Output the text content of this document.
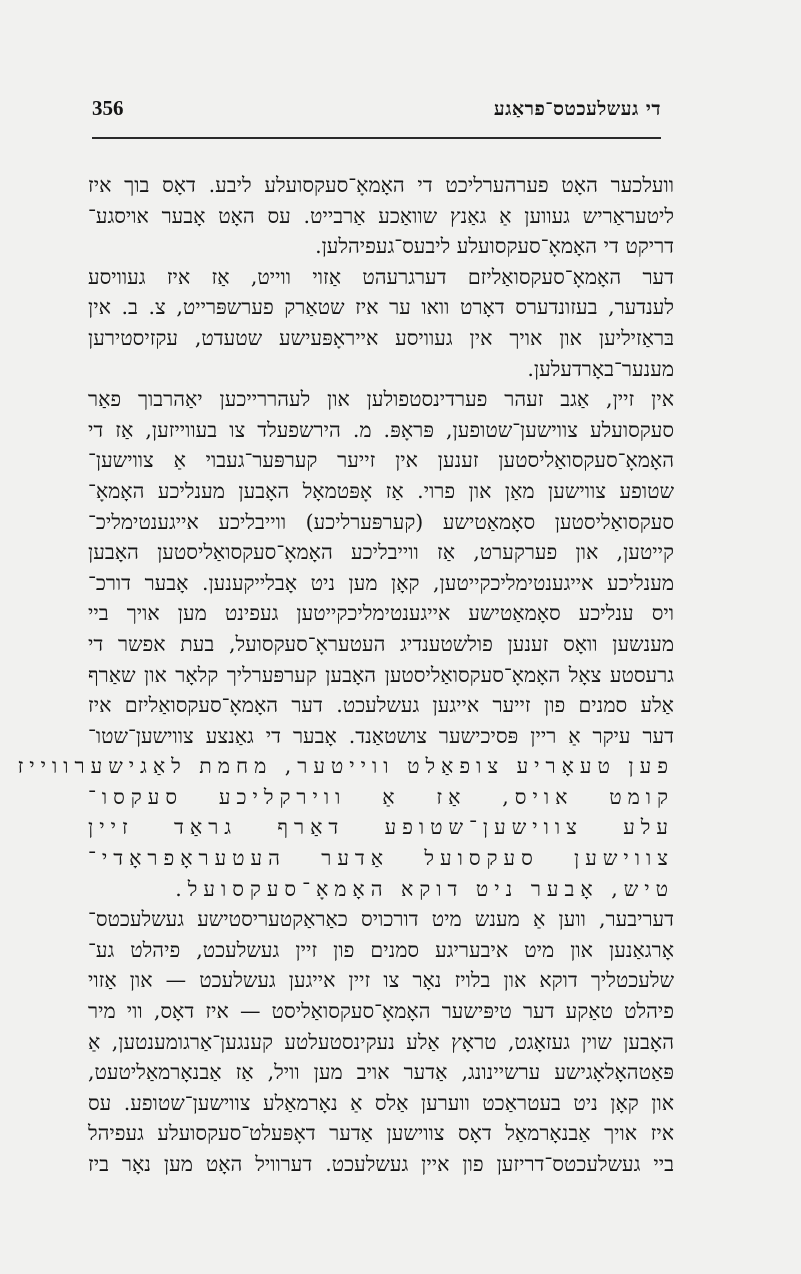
די געשלעכטס־פראַגע
356
וועלכער האָט פערהערליכט די האָמאָ־סעקסועלע ליבע. דאָס בוך איז
ליטעראַריש געווען אַ גאַנץ שוואַכע אַרבייט. עס האָט אָבער אויסגע־
דריקט די האָמאָ־סעקסועלע ליבעס־געפיהלען.
דער האָמאָ־סעקסואַליזם דערגרעהט אַזוי ווייט, אַז איז געוויסע
לענדער, בעזונדערס דאָרט וואו ער איז שטאַרק פערשפּרייט, צ. ב. אין
בּראַזיליען און אויך אין געוויסע אייראָפּעישע שטעדט, עקזיסטירען
מענער־באָרדעלען.
אין זיין, אַגב זעהר פערדינסטפולען און לעהררייכען יאַהרבוך פאַר
סעקסועלע צווישען־שטופען, פּראָפּ. מ. הירשפעלד צו בעווייזען, אַז די
האָמאָ־סעקסואַליסטען זענען אין זייער קערפּער־געבוי אַ צווישען־
שטופע צווישען מאַן און פרוי. אַז אָפּטמאָל האָבען מענליכע האָמאָ־
סעקסואַליסטען סאָמאַטישע (קערפּערליכע) ווייבליכע אייגענטימליכ־
קייטען, און פערקערט, אַז ווייבליכע האָמאָ־סעקסואַליסטען האָבען
מענליכע אייגענטימליכקייטען, קאָן מען ניט אָבלייקענען. אָבער דורכ־
ויס ענליכע סאָמאַטישע אייגענטימליכקייטען געפינט מען אויך ביי
מענשען וואָס זענען פולשטענדיג העטעראָ־סעקסועל, בעת אפשר די
גרעסטע צאָל האָמאָ־סעקסואַליסטען האָבען קערפּערליך קלאָר און שאַרף
אַלע סמנים פון זייער אייגען געשלעכט. דער האָמאָ־סעקסואַליזם איז
דער עיקר אַ ריין פּסיכישער צושטאַנד. אָבער די גאַנצע צווישען־שטו־
פען טעאָריע צופאַלט ווייטער, מחמת לאַגישערווייז
קומט אויס, אַז אַ ווירקליכע סעקסו־
עלע צווישען־שטופע דאַרף גראַד זיין
צווישען סעקסועל אַדער העטעראָפראָדי־
טיש, אָבער ניט דוקא האָמאָ־סעקסועל.
דעריבער, ווען אַ מענש מיט דורכויס כאַראַקטעריסטישע געשלעכטס־
אָרגאַנען און מיט איבעריגע סמנים פון זיין געשלעכט, פיהלט גע־
שלעכטליך דוקא און בלויז נאָר צו זיין אייגען געשלעכט — און אַזוי
פיהלט טאַקע דער טיפּישער האָמאָ־סעקסואַליסט — איז דאָס, ווי מיר
האָבען שוין געזאָגט, טראָץ אַלע נעקינסטעלטע קענגען־אַרגומענטען, אַ
פּאַטהאָלאָגישע ערשיינונג, אַדער אויב מען וויל, אַז אַבנאָרמאַליטעט,
און קאָן ניט בעטראַכט ווערען אַלס אַ נאָרמאַלע צווישען־שטופע. עס
איז אויך אַבנאָרמאַל דאָס צווישען אַדער דאָפּעלט־סעקסועלע געפיהל
ביי געשלעכטס־דריזען פון איין געשלעכט. דערוויל האָט מען נאָר ביז
